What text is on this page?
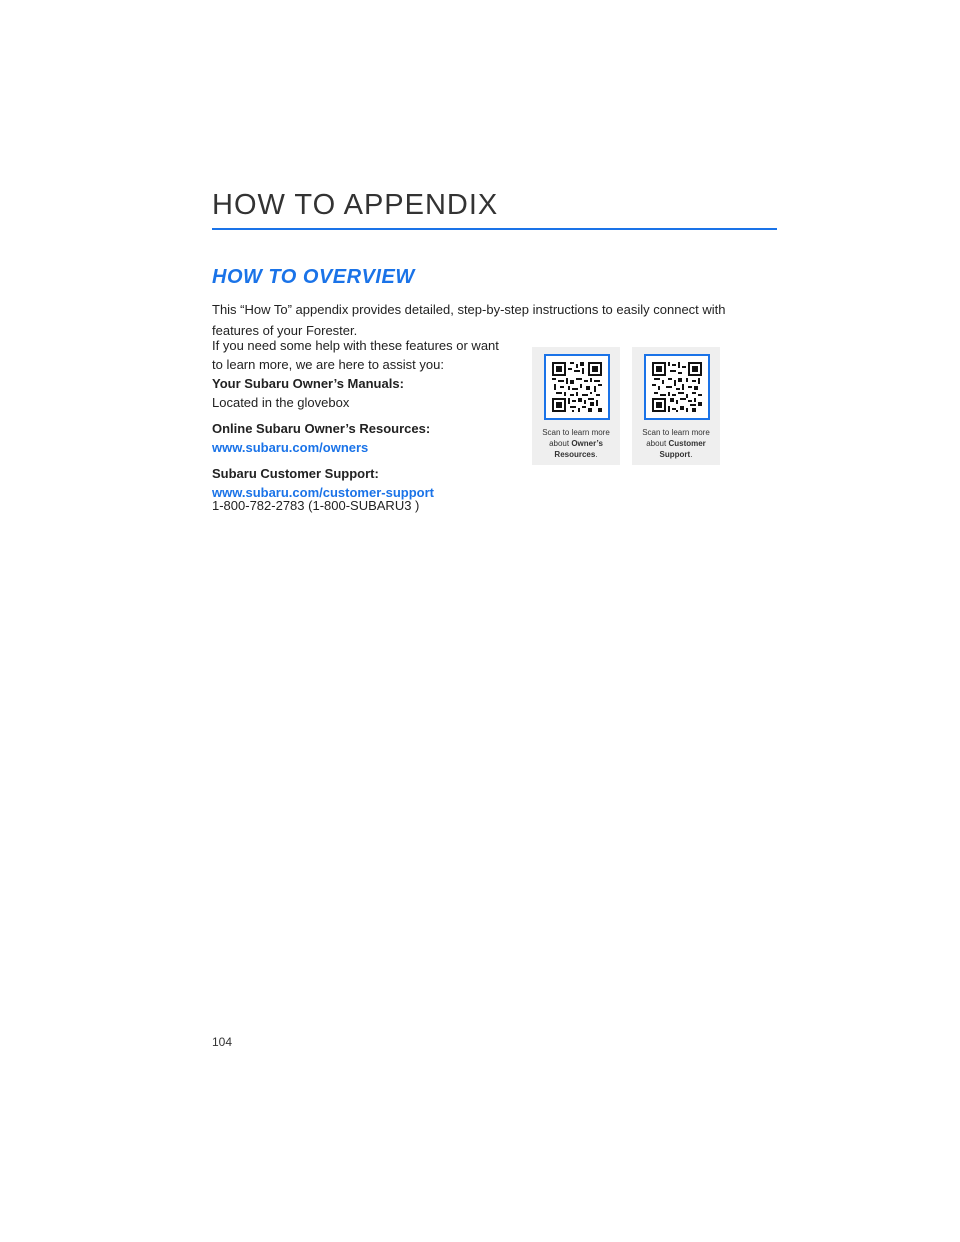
HOW TO APPENDIX
HOW TO OVERVIEW

This “How To” appendix provides detailed, step-by-step instructions to easily connect with features of your Forester.

If you need some help with these features or want to learn more, we are here to assist you:

Your Subaru Owner’s Manuals:

Located in the glovebox

Online Subaru Owner’s Resources:

www.subaru.com/owners

Subaru Customer Support:

www.subaru.com/customer-support

1-800-782-2783 (1-800-SUBARU3 )
Scan to learn more about Owner’s Resources.
Scan to learn more about Customer Support.
104
